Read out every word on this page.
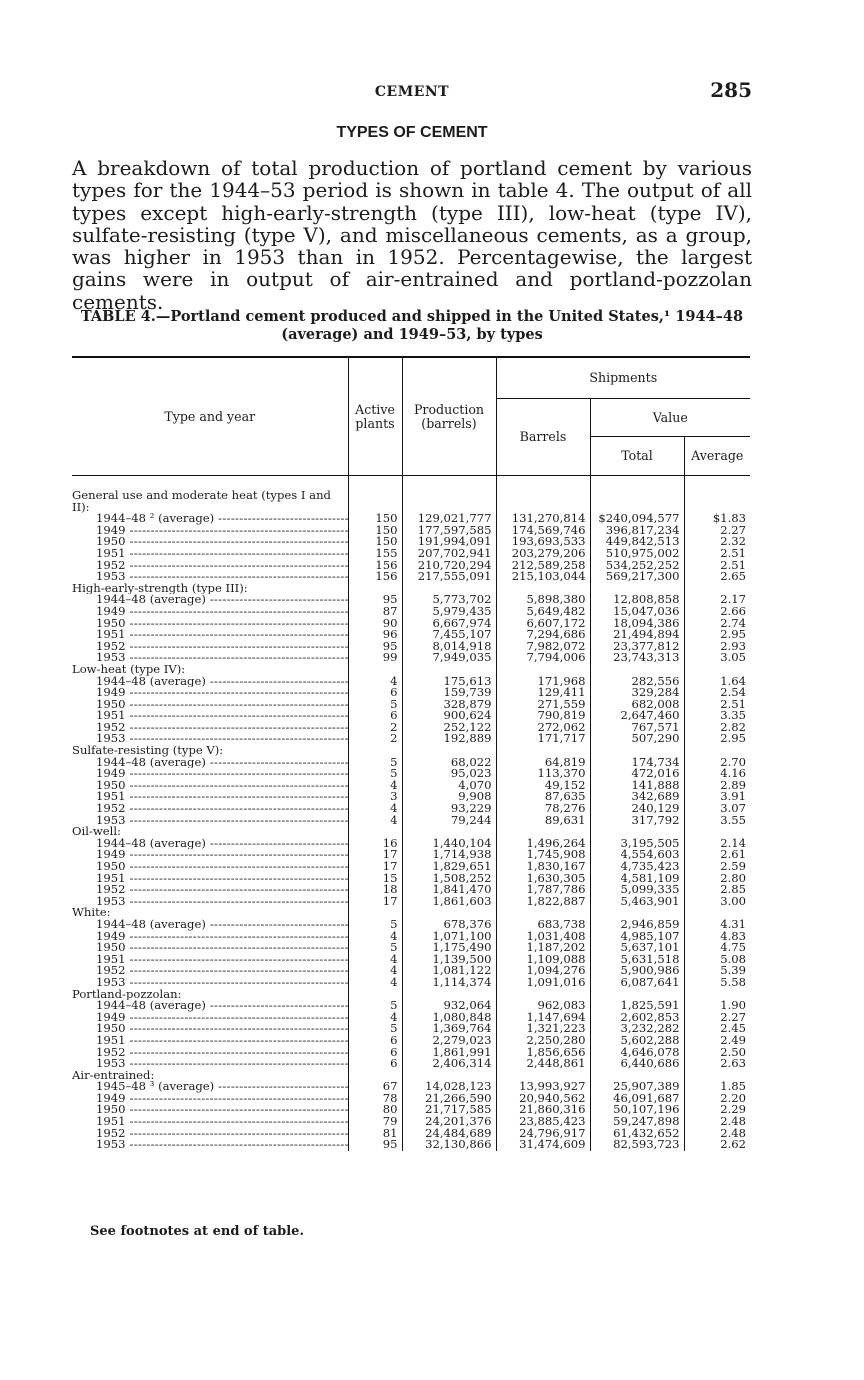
CEMENT	285
TYPES OF CEMENT

A breakdown of total production of portland cement by various types for the 1944–53 period is shown in table 4. The output of all types except high-early-strength (type III), low-heat (type IV), sulfate-resisting (type V), and miscellaneous cements, as a group, was higher in 1953 than in 1952. Percentagewise, the largest gains were in output of air-entrained and portland-pozzolan cements.

TABLE 4.—Portland cement produced and shipped in the United States,¹ 1944–48
(average) and 1949–53, by types

Type and year	Active plants	Production (barrels)	Shipments		
			Barrels	Value	
				Total	Average

General use and moderate heat (types I and II):					
1944–48 ² (average) -----	150	129,021,777	131,270,814	$240,094,577	$1.83
1949 -----	150	177,597,585	174,569,746	396,817,234	2.27
1950 -----	150	191,994,091	193,693,533	449,842,513	2.32
1951 -----	155	207,702,941	203,279,206	510,975,002	2.51
1952 -----	156	210,720,294	212,589,258	534,252,252	2.51
1953 -----	156	217,555,091	215,103,044	569,217,300	2.65
High-early-strength (type III):					
1944–48 (average) -----	95	5,773,702	5,898,380	12,808,858	2.17
1949 -----	87	5,979,435	5,649,482	15,047,036	2.66
1950 -----	90	6,667,974	6,607,172	18,094,386	2.74
1951 -----	96	7,455,107	7,294,686	21,494,894	2.95
1952 -----	95	8,014,918	7,982,072	23,377,812	2.93
1953 -----	99	7,949,035	7,794,006	23,743,313	3.05
Low-heat (type IV):					
1944–48 (average) -----	4	175,613	171,968	282,556	1.64
1949 -----	6	159,739	129,411	329,284	2.54
1950 -----	5	328,879	271,559	682,008	2.51
1951 -----	6	900,624	790,819	2,647,460	3.35
1952 -----	2	252,122	272,062	767,571	2.82
1953 -----	2	192,889	171,717	507,290	2.95
Sulfate-resisting (type V):					
1944–48 (average) -----	5	68,022	64,819	174,734	2.70
1949 -----	5	95,023	113,370	472,016	4.16
1950 -----	4	4,070	49,152	141,888	2.89
1951 -----	3	9,908	87,635	342,689	3.91
1952 -----	4	93,229	78,276	240,129	3.07
1953 -----	4	79,244	89,631	317,792	3.55
Oil-well:					
1944–48 (average) -----	16	1,440,104	1,496,264	3,195,505	2.14
1949 -----	17	1,714,938	1,745,908	4,554,603	2.61
1950 -----	17	1,829,651	1,830,167	4,735,423	2.59
1951 -----	15	1,508,252	1,630,305	4,581,109	2.80
1952 -----	18	1,841,470	1,787,786	5,099,335	2.85
1953 -----	17	1,861,603	1,822,887	5,463,901	3.00
White:					
1944–48 (average) -----	5	678,376	683,738	2,946,859	4.31
1949 -----	4	1,071,100	1,031,408	4,985,107	4.83
1950 -----	5	1,175,490	1,187,202	5,637,101	4.75
1951 -----	4	1,139,500	1,109,088	5,631,518	5.08
1952 -----	4	1,081,122	1,094,276	5,900,986	5.39
1953 -----	4	1,114,374	1,091,016	6,087,641	5.58
Portland-pozzolan:					
1944–48 (average) -----	5	932,064	962,083	1,825,591	1.90
1949 -----	4	1,080,848	1,147,694	2,602,853	2.27
1950 -----	5	1,369,764	1,321,223	3,232,282	2.45
1951 -----	6	2,279,023	2,250,280	5,602,288	2.49
1952 -----	6	1,861,991	1,856,656	4,646,078	2.50
1953 -----	6	2,406,314	2,448,861	6,440,686	2.63
Air-entrained:					
1945–48 ³ (average) -----	67	14,028,123	13,993,927	25,907,389	1.85
1949 -----	78	21,266,590	20,940,562	46,091,687	2.20
1950 -----	80	21,717,585	21,860,316	50,107,196	2.29
1951 -----	79	24,201,376	23,885,423	59,247,898	2.48
1952 -----	81	24,484,689	24,796,917	61,432,652	2.48
1953 -----	95	32,130,866	31,474,609	82,593,723	2.62
See footnotes at end of table.
